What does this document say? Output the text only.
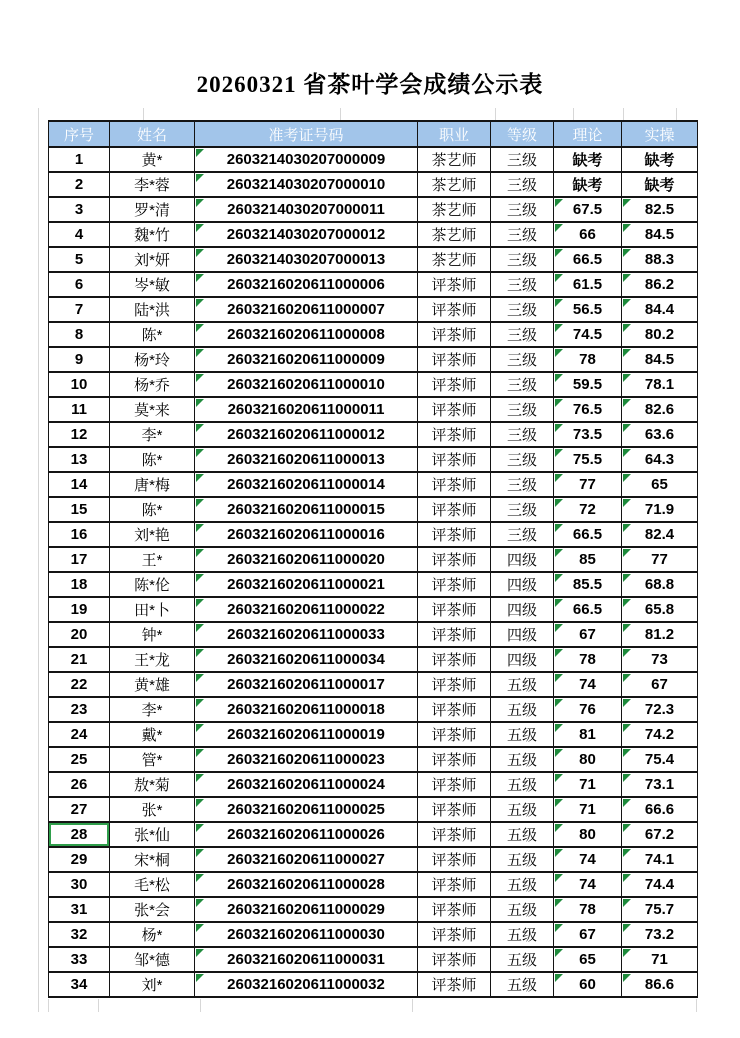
20260321 省茶叶学会成绩公示表
序号	姓名	准考证号码	职业	等级	理论	实操
1	黄*	2603214030207000009	茶艺师	三级	缺考	缺考
2	李*蓉	2603214030207000010	茶艺师	三级	缺考	缺考
3	罗*清	2603214030207000011	茶艺师	三级	67.5	82.5

4	魏*竹	2603214030207000012	茶艺师	三级	66	84.5

5	刘*妍	2603214030207000013	茶艺师	三级	66.5	88.3

6	岑*敏	2603216020611000006	评茶师	三级	61.5	86.2

7	陆*洪	2603216020611000007	评茶师	三级	56.5	84.4

8	陈*	2603216020611000008	评茶师	三级	74.5	80.2

9	杨*玲	2603216020611000009	评茶师	三级	78	84.5

10	杨*乔	2603216020611000010	评茶师	三级	59.5	78.1

11	莫*来	2603216020611000011	评茶师	三级	76.5	82.6

12	李*	2603216020611000012	评茶师	三级	73.5	63.6

13	陈*	2603216020611000013	评茶师	三级	75.5	64.3

14	唐*梅	2603216020611000014	评茶师	三级	77	65

15	陈*	2603216020611000015	评茶师	三级	72	71.9

16	刘*艳	2603216020611000016	评茶师	三级	66.5	82.4

17	王*	2603216020611000020	评茶师	四级	85	77

18	陈*伦	2603216020611000021	评茶师	四级	85.5	68.8

19	田*卜	2603216020611000022	评茶师	四级	66.5	65.8

20	钟*	2603216020611000033	评茶师	四级	67	81.2

21	王*龙	2603216020611000034	评茶师	四级	78	73

22	黄*雄	2603216020611000017	评茶师	五级	74	67

23	李*	2603216020611000018	评茶师	五级	76	72.3

24	戴*	2603216020611000019	评茶师	五级	81	74.2

25	管*	2603216020611000023	评茶师	五级	80	75.4

26	敖*菊	2603216020611000024	评茶师	五级	71	73.1

27	张*	2603216020611000025	评茶师	五级	71	66.6

28	张*仙	2603216020611000026	评茶师	五级	80	67.2

29	宋*桐	2603216020611000027	评茶师	五级	74	74.1

30	毛*松	2603216020611000028	评茶师	五级	74	74.4

31	张*会	2603216020611000029	评茶师	五级	78	75.7

32	杨*	2603216020611000030	评茶师	五级	67	73.2

33	邹*德	2603216020611000031	评茶师	五级	65	71

34	刘*	2603216020611000032	评茶师	五级	60	86.6
